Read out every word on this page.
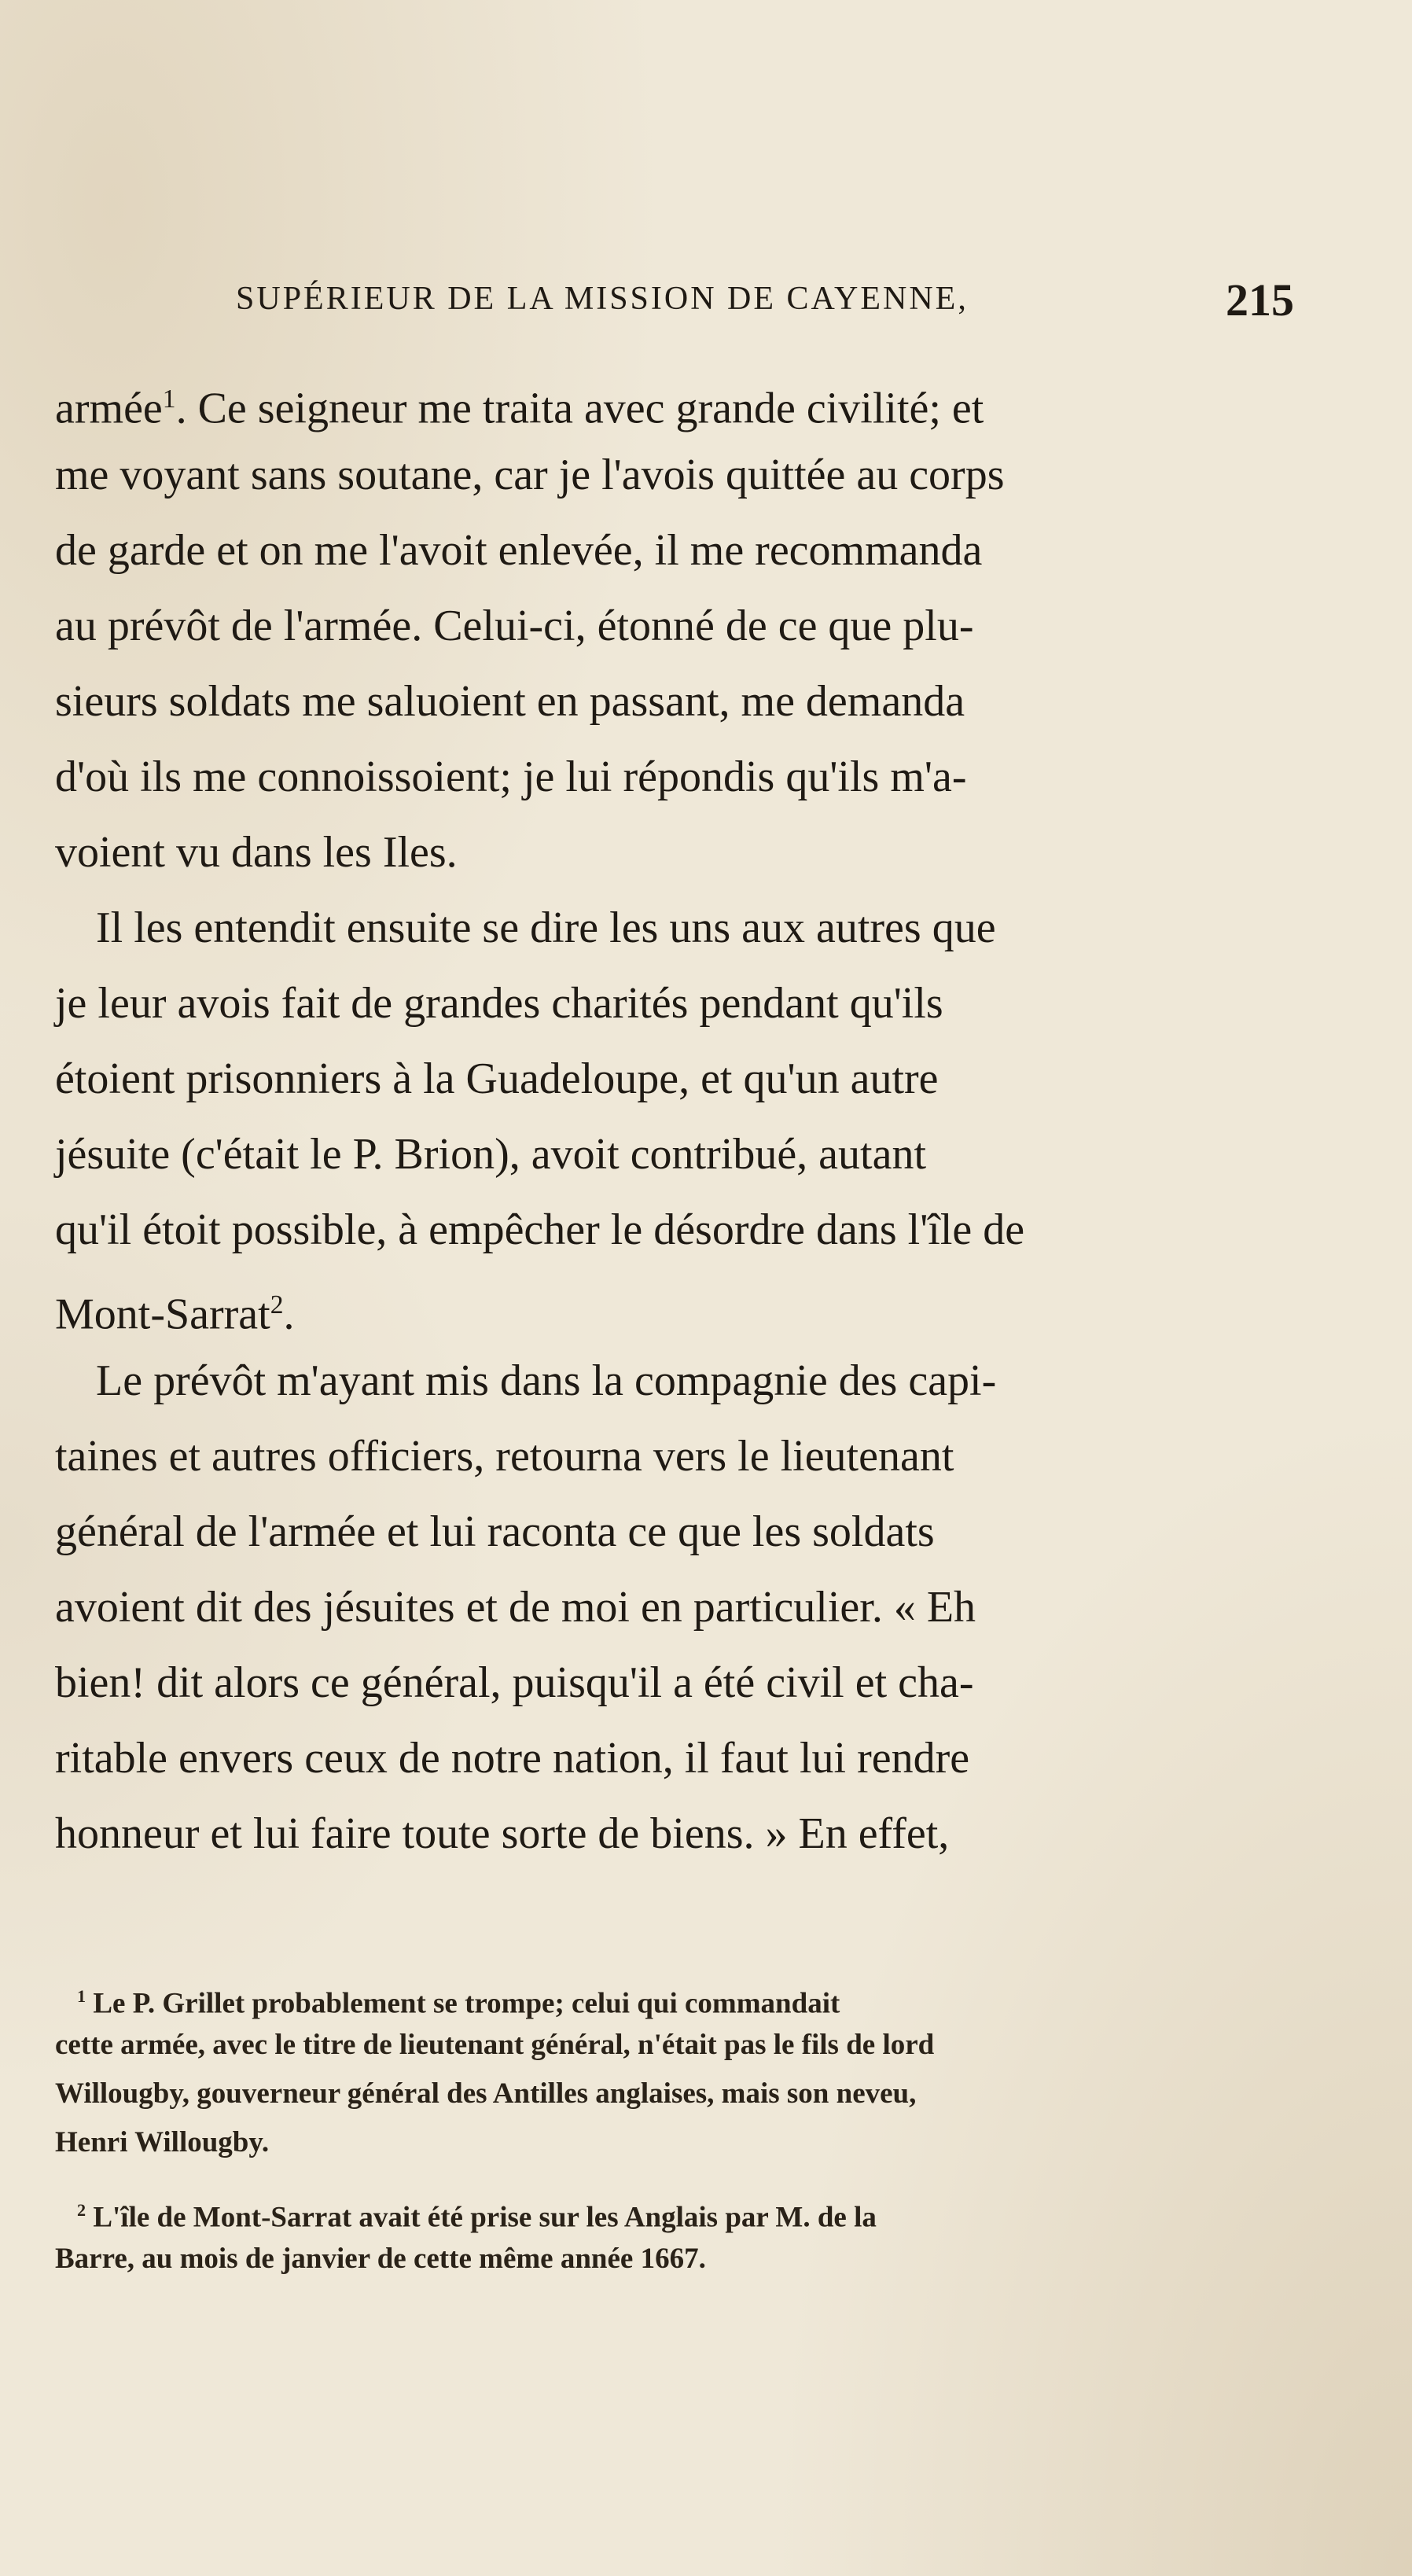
SUPÉRIEUR DE LA MISSION DE CAYENNE,	215
armée$^1$. Ce seigneur me traita avec grande civilité; et
me voyant sans soutane, car je l'avois quittée au corps
de garde et on me l'avoit enlevée, il me recommanda
au prévôt de l'armée. Celui-ci, étonné de ce que plu-
sieurs soldats me saluoient en passant, me demanda
d'où ils me connoissoient; je lui répondis qu'ils m'a-
voient vu dans les Iles.
Il les entendit ensuite se dire les uns aux autres que
je leur avois fait de grandes charités pendant qu'ils
étoient prisonniers à la Guadeloupe, et qu'un autre
jésuite (c'était le P. Brion), avoit contribué, autant
qu'il étoit possible, à empêcher le désordre dans l'île de
Mont-Sarrat$^2$.
Le prévôt m'ayant mis dans la compagnie des capi-
taines et autres officiers, retourna vers le lieutenant
général de l'armée et lui raconta ce que les soldats
avoient dit des jésuites et de moi en particulier. « Eh
bien! dit alors ce général, puisqu'il a été civil et cha-
ritable envers ceux de notre nation, il faut lui rendre
honneur et lui faire toute sorte de biens. » En effet,
$^1$ Le P. Grillet probablement se trompe; celui qui commandait
cette armée, avec le titre de lieutenant général, n'était pas le fils de lord
Willougby, gouverneur général des Antilles anglaises, mais son neveu,
Henri Willougby.
$^2$ L'île de Mont-Sarrat avait été prise sur les Anglais par M. de la
Barre, au mois de janvier de cette même année 1667.
